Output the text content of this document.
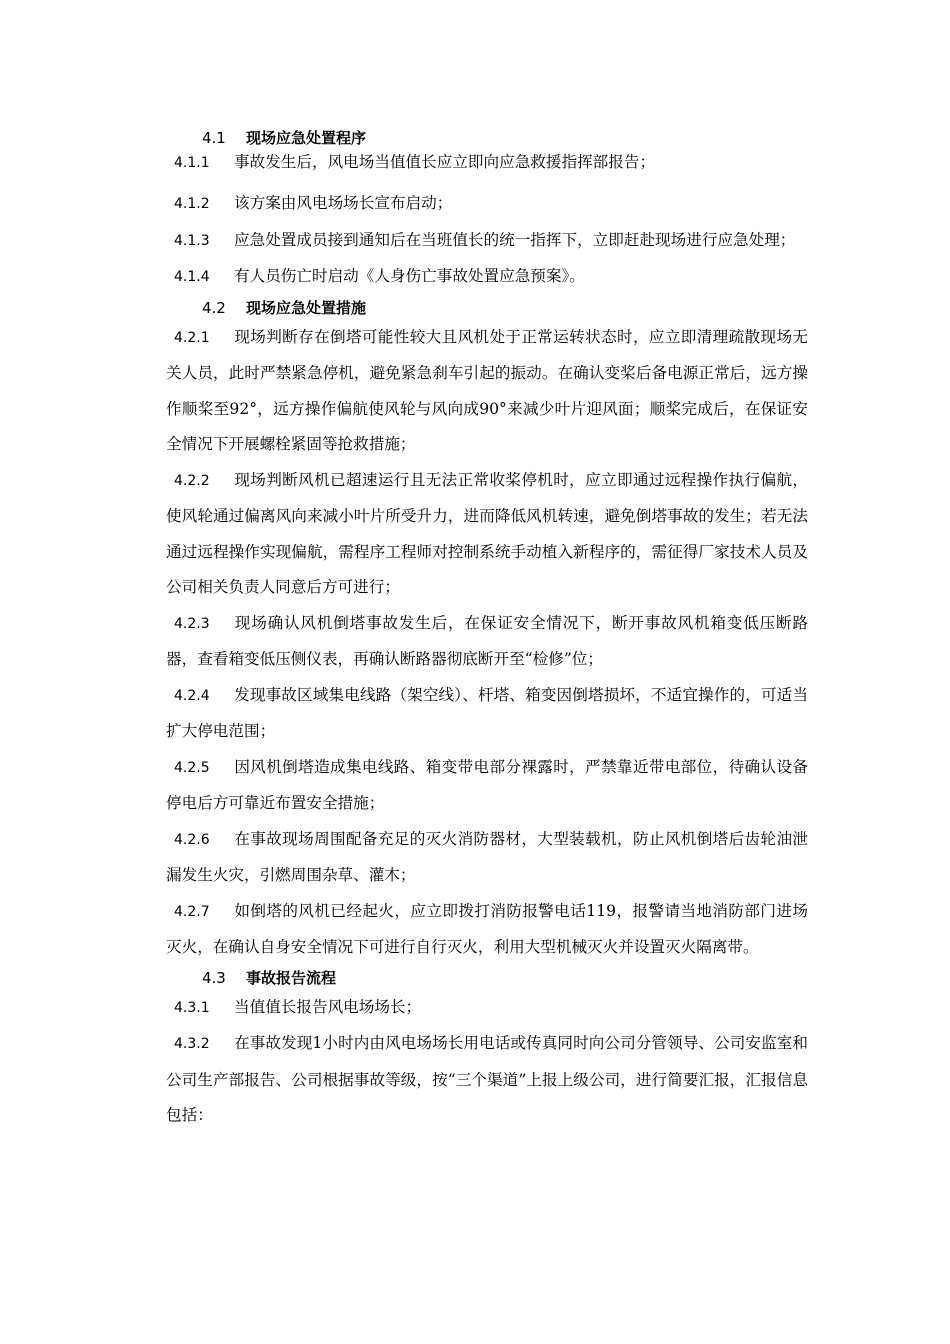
4.1 现场应急处置程序

4.1.1 事故发生后，风电场当值值长应立即向应急救援指挥部报告；

4.1.2 该方案由风电场场长宣布启动；

4.1.3 应急处置成员接到通知后在当班值长的统一指挥下，立即赶赴现场进行应急处理；

4.1.4 有人员伤亡时启动《人身伤亡事故处置应急预案》。

4.2 现场应急处置措施

4.2.1 现场判断存在倒塔可能性较大且风机处于正常运转状态时，应立即清理疏散现场无关人员，此时严禁紧急停机，避免紧急刹车引起的振动。在确认变桨后备电源正常后，远方操作顺桨至92°，远方操作偏航使风轮与风向成90°来减少叶片迎风面；顺桨完成后，在保证安全情况下开展螺栓紧固等抢救措施；

4.2.2 现场判断风机已超速运行且无法正常收桨停机时，应立即通过远程操作执行偏航，使风轮通过偏离风向来减小叶片所受升力，进而降低风机转速，避免倒塔事故的发生；若无法通过远程操作实现偏航，需程序工程师对控制系统手动植入新程序的，需征得厂家技术人员及公司相关负责人同意后方可进行；

4.2.3 现场确认风机倒塔事故发生后，在保证安全情况下，断开事故风机箱变低压断路器，查看箱变低压侧仪表，再确认断路器彻底断开至“检修”位；

4.2.4 发现事故区域集电线路（架空线）、杆塔、箱变因倒塔损坏，不适宜操作的，可适当扩大停电范围；

4.2.5 因风机倒塔造成集电线路、箱变带电部分裸露时，严禁靠近带电部位，待确认设备停电后方可靠近布置安全措施；

4.2.6 在事故现场周围配备充足的灭火消防器材，大型装载机，防止风机倒塔后齿轮油泄漏发生火灾，引燃周围杂草、灌木；

4.2.7 如倒塔的风机已经起火，应立即拨打消防报警电话119，报警请当地消防部门进场灭火，在确认自身安全情况下可进行自行灭火，利用大型机械灭火并设置灭火隔离带。

4.3 事故报告流程

4.3.1 当值值长报告风电场场长；

4.3.2 在事故发现1小时内由风电场场长用电话或传真同时向公司分管领导、公司安监室和公司生产部报告、公司根据事故等级，按“三个渠道”上报上级公司，进行简要汇报，汇报信息包括：
